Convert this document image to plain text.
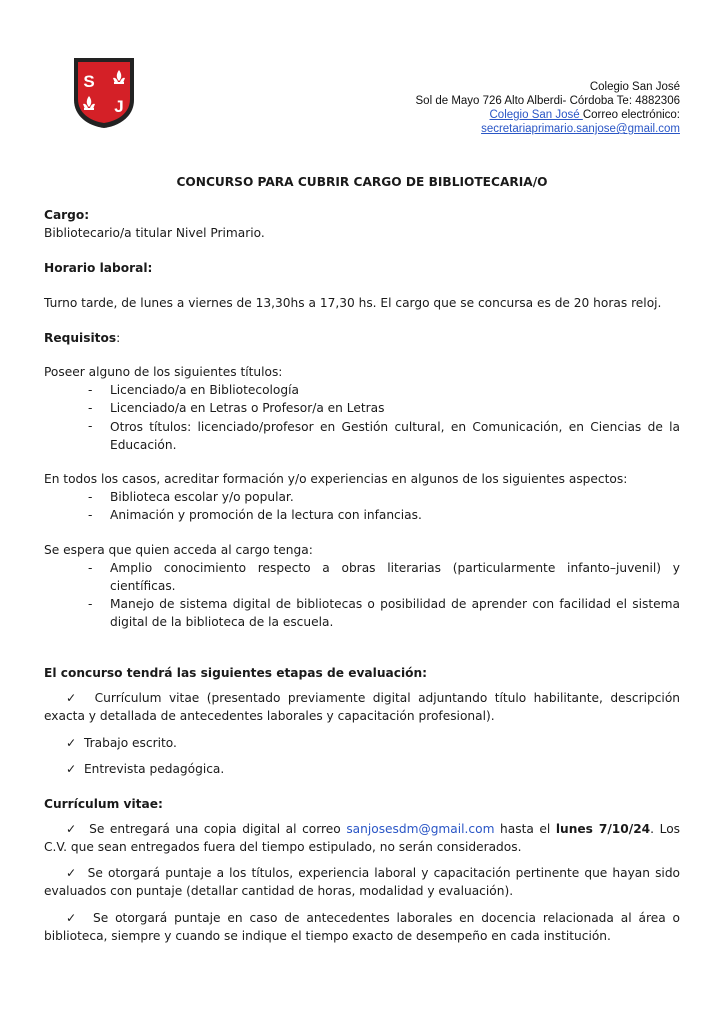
S
J
Colegio San José
Sol de Mayo 726 Alto Alberdi- Córdoba Te: 4882306
Colegio San José Correo electrónico:
secretariaprimario.sanjose@gmail.com
CONCURSO PARA CUBRIR CARGO DE BIBLIOTECARIA/O
Cargo:
Bibliotecario/a titular Nivel Primario.
Horario laboral:
Turno tarde, de lunes a viernes de 13,30hs a 17,30 hs. El cargo que se concursa es de 20 horas reloj.
Requisitos:
Poseer alguno de los siguientes títulos:
- Licenciado/a en Bibliotecología
- Licenciado/a en Letras o Profesor/a en Letras
- Otros títulos: licenciado/profesor en Gestión cultural, en Comunicación, en Ciencias de la Educación.
En todos los casos, acreditar formación y/o experiencias en algunos de los siguientes aspectos:
- Biblioteca escolar y/o popular.
- Animación y promoción de la lectura con infancias.
Se espera que quien acceda al cargo tenga:
- Amplio conocimiento respecto a obras literarias (particularmente infanto–juvenil) y científicas.
- Manejo de sistema digital de bibliotecas o posibilidad de aprender con facilidad el sistema digital de la biblioteca de la escuela.
El concurso tendrá las siguientes etapas de evaluación:
✓ Currículum vitae (presentado previamente digital adjuntando título habilitante, descripción exacta y detallada de antecedentes laborales y capacitación profesional).
✓ Trabajo escrito.
✓ Entrevista pedagógica.
Currículum vitae:
✓ Se entregará una copia digital al correo sanjosesdm@gmail.com hasta el lunes 7/10/24. Los C.V. que sean entregados fuera del tiempo estipulado, no serán considerados.
✓ Se otorgará puntaje a los títulos, experiencia laboral y capacitación pertinente que hayan sido evaluados con puntaje (detallar cantidad de horas, modalidad y evaluación).
✓ Se otorgará puntaje en caso de antecedentes laborales en docencia relacionada al área o biblioteca, siempre y cuando se indique el tiempo exacto de desempeño en cada institución.
